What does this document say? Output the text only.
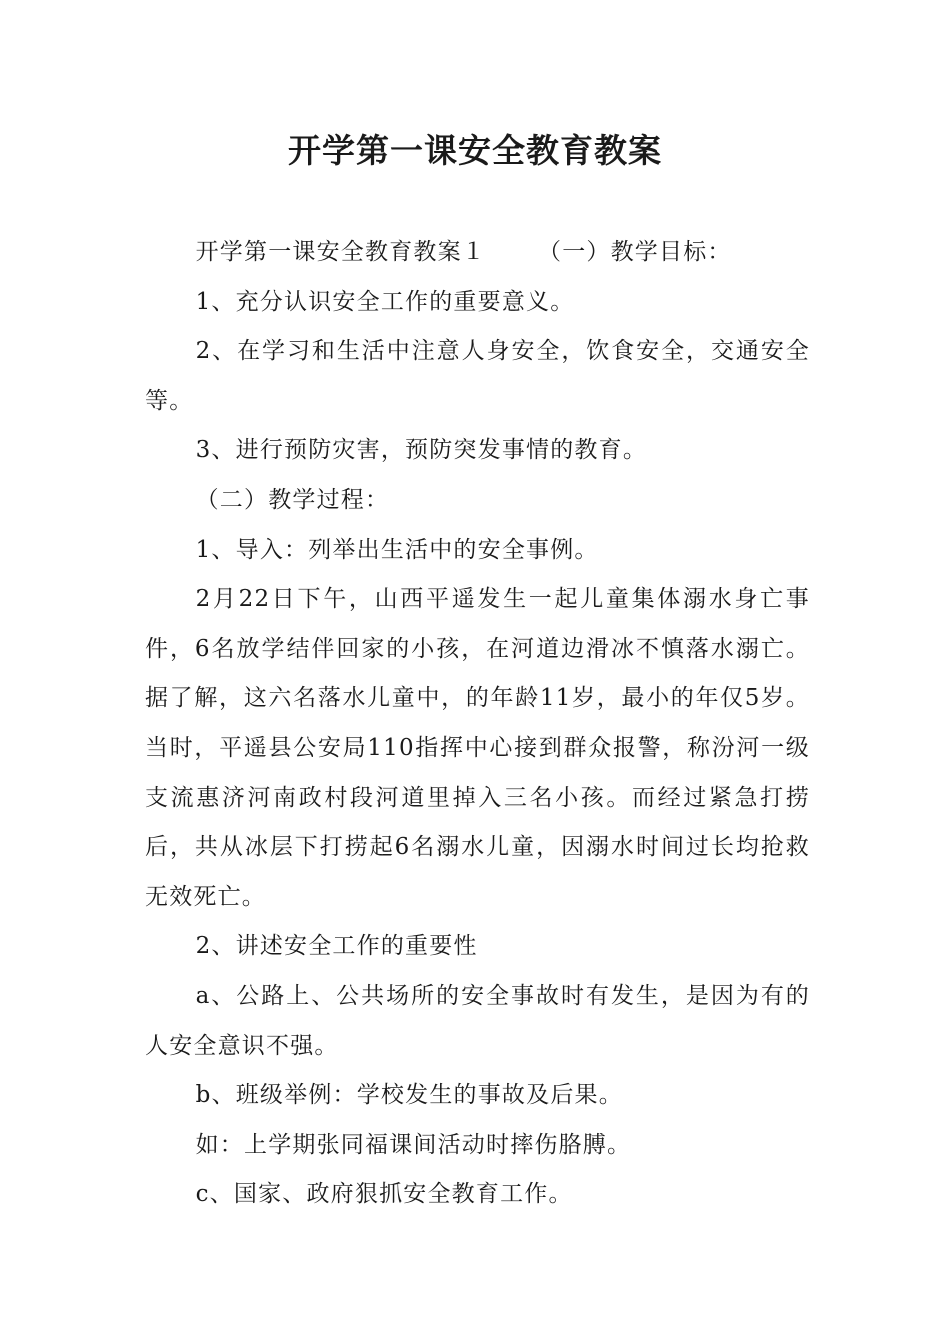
开学第一课安全教育教案

开学第一课安全教育教案１ （一）教学目标：

1、充分认识安全工作的重要意义。

2、在学习和生活中注意人身安全，饮食安全，交通安全等。

3、进行预防灾害，预防突发事情的教育。

（二）教学过程：

1、导入：列举出生活中的安全事例。

2月22日下午，山西平遥发生一起儿童集体溺水身亡事件，6名放学结伴回家的小孩，在河道边滑冰不慎落水溺亡。据了解，这六名落水儿童中，的年龄11岁，最小的年仅5岁。当时，平遥县公安局110指挥中心接到群众报警，称汾河一级支流惠济河南政村段河道里掉入三名小孩。而经过紧急打捞后，共从冰层下打捞起6名溺水儿童，因溺水时间过长均抢救无效死亡。

2、讲述安全工作的重要性

a、公路上、公共场所的安全事故时有发生，是因为有的人安全意识不强。

b、班级举例：学校发生的事故及后果。

如：上学期张同福课间活动时摔伤胳膊。

c、国家、政府狠抓安全教育工作。
